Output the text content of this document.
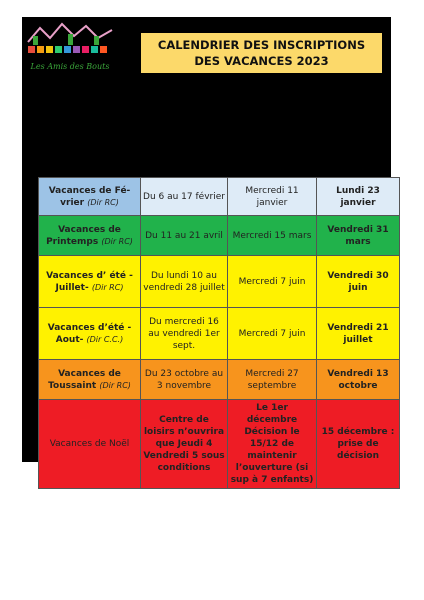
Les Amis des Bouts
CALENDRIER DES INSCRIPTIONS
DES VACANCES 2023
Vacances de Fé-vrier (Dir RC)	Du 6 au 17 février	Mercredi 11 janvier	Lundi 23 janvier
Vacances de Printemps (Dir RC)	Du 11 au 21 avril	Mercredi 15 mars	Vendredi 31 mars
Vacances d’ été -Juillet- (Dir RC)	Du lundi 10 au vendredi 28 juillet	Mercredi 7 juin	Vendredi 30 juin
Vacances d’été -Aout- (Dir C.C.)	Du mercredi 16 au vendredi 1er sept.	Mercredi 7 juin	Vendredi 21 juillet
Vacances de Toussaint (Dir RC)	Du 23 octobre au 3 novembre	Mercredi 27 septembre	Vendredi 13 octobre
Vacances de Noël	Centre de loisirs n’ouvrira que Jeudi 4 Vendredi 5 sous conditions	Le 1er décembre Décision le 15/12 de maintenir l’ouverture (si sup à 7 enfants)	15 décembre : prise de décision
